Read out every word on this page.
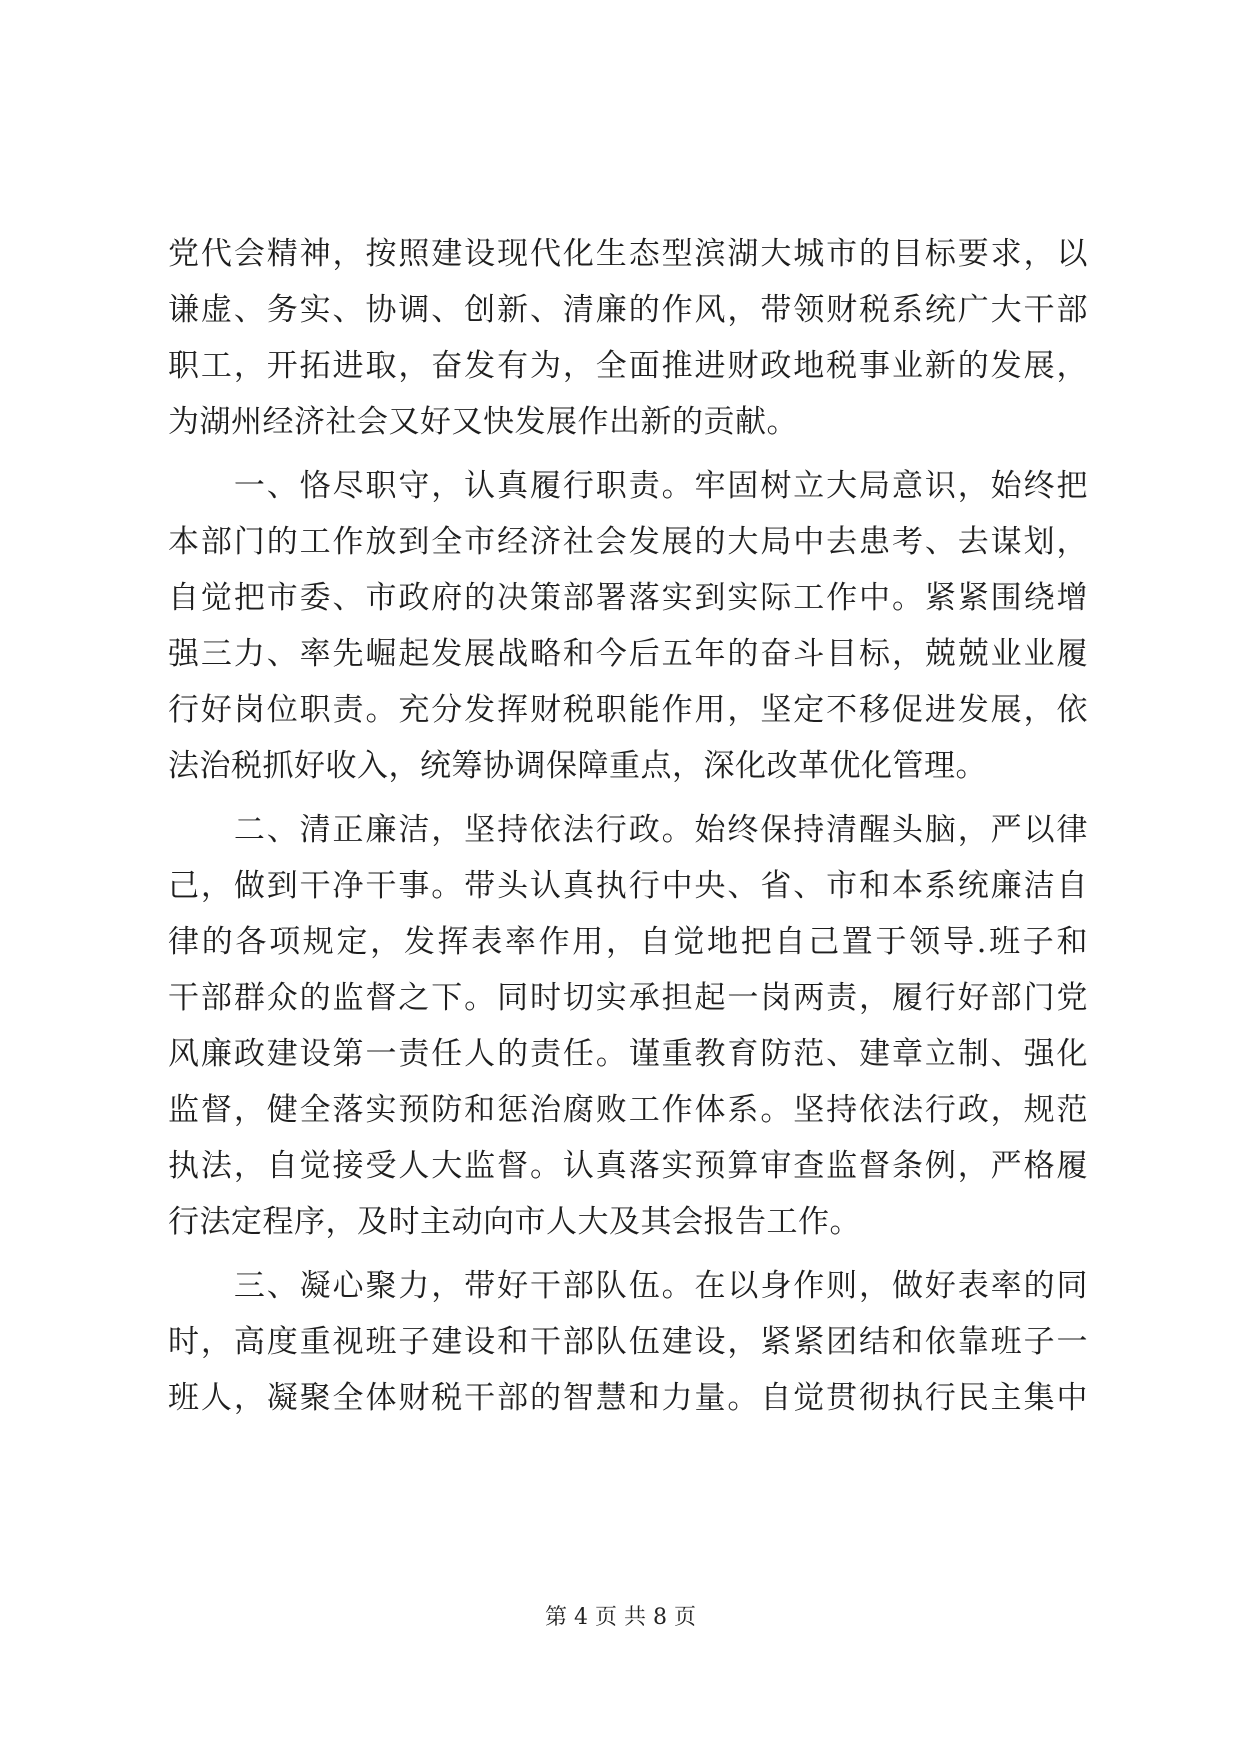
党代会精神，按照建设现代化生态型滨湖大城市的目标要求，以
谦虚、务实、协调、创新、清廉的作风，带领财税系统广大干部
职工，开拓进取，奋发有为，全面推进财政地税事业新的发展，
为湖州经济社会又好又快发展作出新的贡献。
　　一、恪尽职守，认真履行职责。牢固树立大局意识，始终把
本部门的工作放到全市经济社会发展的大局中去患考、去谋划，
自觉把市委、市政府的决策部署落实到实际工作中。紧紧围绕增
强三力、率先崛起发展战略和今后五年的奋斗目标，兢兢业业履
行好岗位职责。充分发挥财税职能作用，坚定不移促进发展，依
法治税抓好收入，统筹协调保障重点，深化改革优化管理。
　　二、清正廉洁，坚持依法行政。始终保持清醒头脑，严以律
己，做到干净干事。带头认真执行中央、省、市和本系统廉洁自
律的各项规定，发挥表率作用，自觉地把自己置于领导.班子和
干部群众的监督之下。同时切实承担起一岗两责，履行好部门党
风廉政建设第一责任人的责任。谨重教育防范、建章立制、强化
监督，健全落实预防和惩治腐败工作体系。坚持依法行政，规范
执法，自觉接受人大监督。认真落实预算审查监督条例，严格履
行法定程序，及时主动向市人大及其会报告工作。
　　三、凝心聚力，带好干部队伍。在以身作则，做好表率的同
时，高度重视班子建设和干部队伍建设，紧紧团结和依靠班子一
班人，凝聚全体财税干部的智慧和力量。自觉贯彻执行民主集中
第 4 页 共 8 页
